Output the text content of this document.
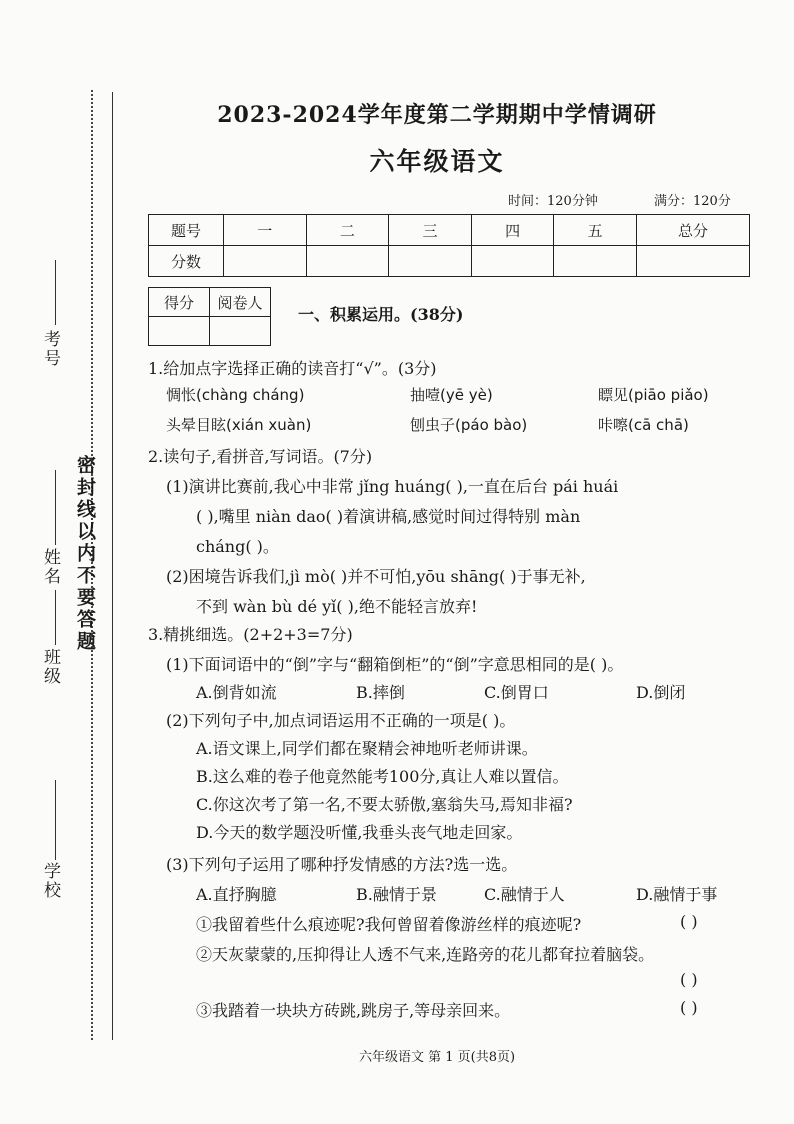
考号
姓名
班级
学校
密封线以内不要答题
2023-2024学年度第二学期期中学情调研
六年级语文
时间：120分钟	满分：120分
题号	一	二	三	四	五	总分
分数						
得分	阅卷人

一、积累运用。(38分)
1.给加点字选择正确的读音打“√”。(3分)
惆怅(chàng cháng)	抽噎(yē yè)	瞟见(piāo piǎo)
头晕目眩(xián xuàn)	刨虫子(páo bào)	咔嚓(cā chā)
2.读句子,看拼音,写词语。(7分)
(1)演讲比赛前,我心中非常 jǐng huáng( ),一直在后台 pái huái
( ),嘴里 niàn dao( )着演讲稿,感觉时间过得特别 màn
cháng( )。
(2)困境告诉我们,jì mò( )并不可怕,yōu shāng( )于事无补,
不到 wàn bù dé yǐ( ),绝不能轻言放弃!
3.精挑细选。(2+2+3=7分)
(1)下面词语中的“倒”字与“翻箱倒柜”的“倒”字意思相同的是( )。
A.倒背如流	B.摔倒	C.倒胃口	D.倒闭
(2)下列句子中,加点词语运用不正确的一项是( )。
A.语文课上,同学们都在聚精会神地听老师讲课。
B.这么难的卷子他竟然能考100分,真让人难以置信。
C.你这次考了第一名,不要太骄傲,塞翁失马,焉知非福?
D.今天的数学题没听懂,我垂头丧气地走回家。
(3)下列句子运用了哪种抒发情感的方法?选一选。
A.直抒胸臆	B.融情于景	C.融情于人	D.融情于事
①我留着些什么痕迹呢?我何曾留着像游丝样的痕迹呢?	( )
②天灰蒙蒙的,压抑得让人透不气来,连路旁的花儿都耷拉着脑袋。
( )
③我踏着一块块方砖跳,跳房子,等母亲回来。	( )
六年级语文 第 1 页(共8页)
